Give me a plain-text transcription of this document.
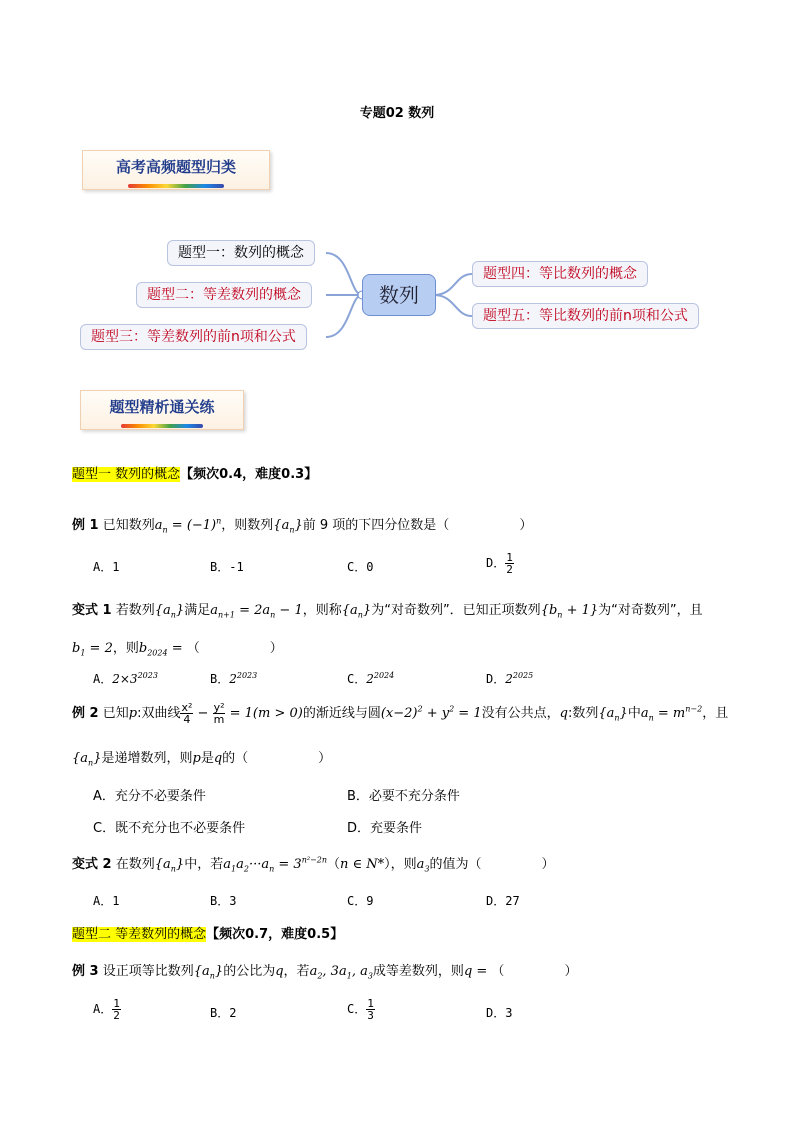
专题02 数列
高考高频题型归类
题型一：数列的概念
题型二：等差数列的概念
题型三：等差数列的前n项和公式
数列
题型四：等比数列的概念
题型五：等比数列的前n项和公式
题型精析通关练
题型一 数列的概念【频次0.4，难度0.3】
例 1 已知数列$a_n = (-1)^n$，则数列$\{a_n\}$前 9 项的下四分位数是（	）
A．1	B．-1	C．0	D． $\frac{1}{2}$
变式 1 若数列$\{a_n\}$满足$a_{n+1} = 2a_n - 1$，则称$\{a_n\}$为“对奇数列”．已知正项数列$\{b_n + 1\}$为“对奇数列”，且
$b_1 = 2$，则$b_{2024}$ = （	）
A．$2\times 3^{2023}$	B．$2^{2023}$	C．$2^{2024}$	D．$2^{2025}$
例 2 已知p:双曲线 $\frac{\text{x²}}{4} - \frac{\text{y²}}{m} = 1(m > 0)$的渐近线与圆$(x-2)^2 + y^2 = 1$没有公共点，q:数列$\{a_n\}$中$a_n = m^{n-2}$，且
$\{a_n\}$是递增数列，则p是q的（	）
A．充分不必要条件	B．必要不充分条件
C．既不充分也不必要条件	D．充要条件
变式 2 在数列$\{a_n\}$中，若$a_1a_2\cdot\cdot\cdot a_n = 3^{n^2-2n}(n$ ∈ N*），则$a_3$的值为（	）
A．1	B．3	C．9	D．27
题型二 等差数列的概念【频次0.7，难度0.5】
例 3 设正项等比数列$\{a_n\}$的公比为q，若$a_2$, $3a_1$, $a_3$成等差数列，则q = （	）
A． $\frac{1}{2}$	B．2	C． $\frac{1}{3}$	D．3
